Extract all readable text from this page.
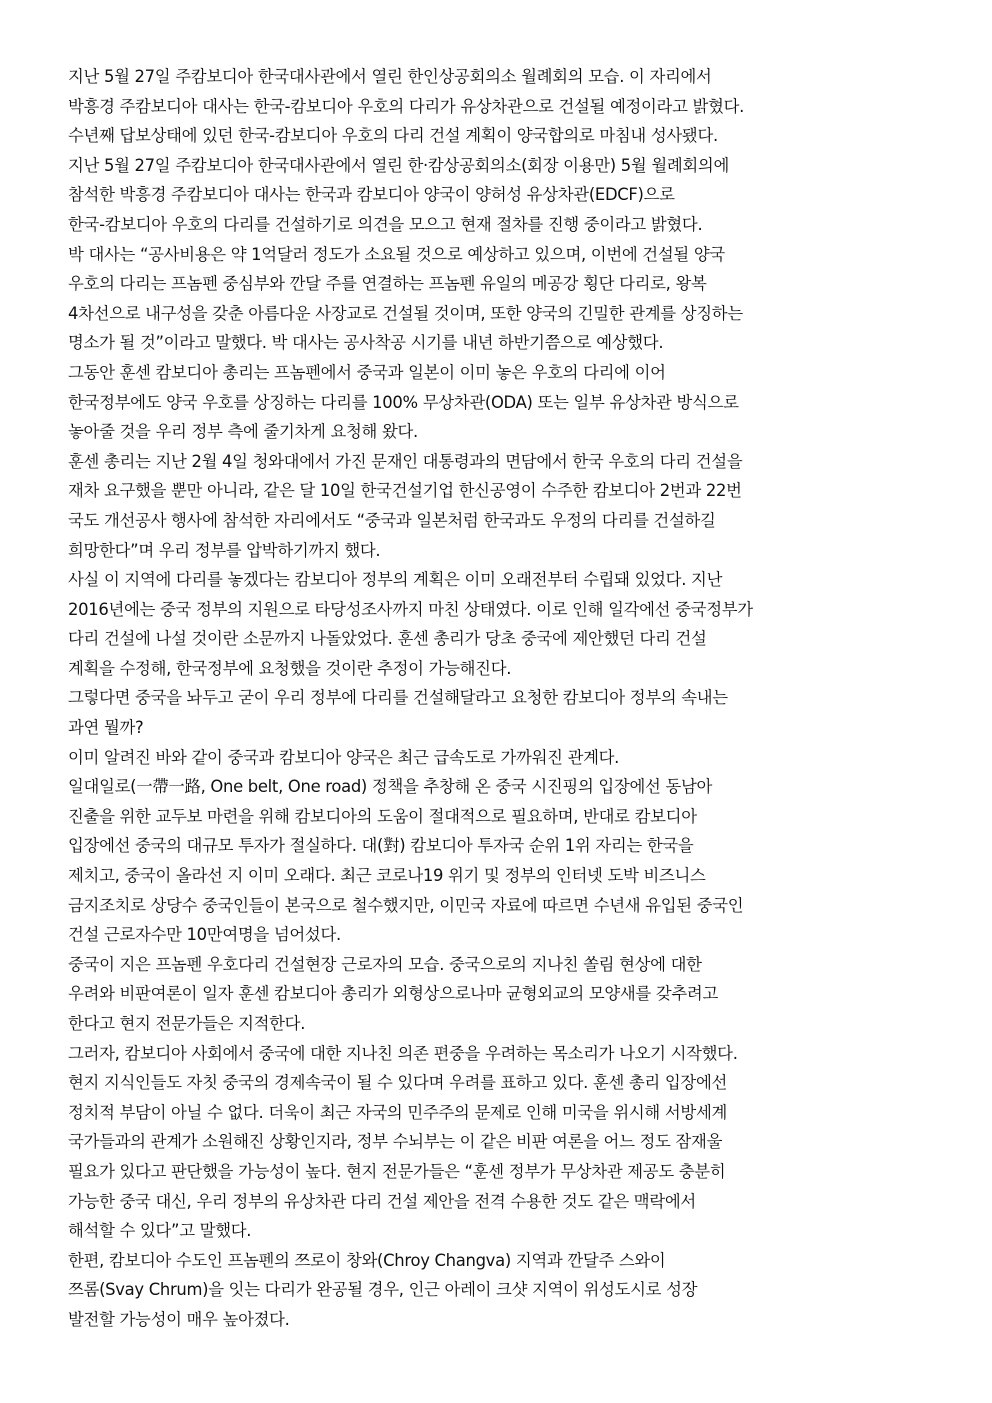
지난 5월 27일 주캄보디아 한국대사관에서 열린 한인상공회의소 월례회의 모습. 이 자리에서
박흥경 주캄보디아 대사는 한국-캄보디아 우호의 다리가 유상차관으로 건설될 예정이라고 밝혔다.
수년째 답보상태에 있던 한국-캄보디아 우호의 다리 건설 계획이 양국합의로 마침내 성사됐다.
지난 5월 27일 주캄보디아 한국대사관에서 열린 한·캄상공회의소(회장 이용만) 5월 월례회의에
참석한 박흥경 주캄보디아 대사는 한국과 캄보디아 양국이 양허성 유상차관(EDCF)으로
한국-캄보디아 우호의 다리를 건설하기로 의견을 모으고 현재 절차를 진행 중이라고 밝혔다.
박 대사는 “공사비용은 약 1억달러 정도가 소요될 것으로 예상하고 있으며, 이번에 건설될 양국
우호의 다리는 프놈펜 중심부와 깐달 주를 연결하는 프놈펜 유일의 메공강 횡단 다리로, 왕복
4차선으로 내구성을 갖춘 아름다운 사장교로 건설될 것이며, 또한 양국의 긴밀한 관계를 상징하는
명소가 될 것”이라고 말했다. 박 대사는 공사착공 시기를 내년 하반기쯤으로 예상했다.
그동안 훈센 캄보디아 총리는 프놈펜에서 중국과 일본이 이미 놓은 우호의 다리에 이어
한국정부에도 양국 우호를 상징하는 다리를 100% 무상차관(ODA) 또는 일부 유상차관 방식으로
놓아줄 것을 우리 정부 측에 줄기차게 요청해 왔다.
훈센 총리는 지난 2월 4일 청와대에서 가진 문재인 대통령과의 면담에서 한국 우호의 다리 건설을
재차 요구했을 뿐만 아니라, 같은 달 10일 한국건설기업 한신공영이 수주한 캄보디아 2번과 22번
국도 개선공사 행사에 참석한 자리에서도 “중국과 일본처럼 한국과도 우정의 다리를 건설하길
희망한다”며 우리 정부를 압박하기까지 했다.
사실 이 지역에 다리를 놓겠다는 캄보디아 정부의 계획은 이미 오래전부터 수립돼 있었다. 지난
2016년에는 중국 정부의 지원으로 타당성조사까지 마친 상태였다. 이로 인해 일각에선 중국정부가
다리 건설에 나설 것이란 소문까지 나돌았었다. 훈센 총리가 당초 중국에 제안했던 다리 건설
계획을 수정해, 한국정부에 요청했을 것이란 추정이 가능해진다.
그렇다면 중국을 놔두고 굳이 우리 정부에 다리를 건설해달라고 요청한 캄보디아 정부의 속내는
과연 뭘까?
이미 알려진 바와 같이 중국과 캄보디아 양국은 최근 급속도로 가까워진 관계다.
일대일로(一帶一路, One belt, One road) 정책을 추창해 온 중국 시진핑의 입장에선 동남아
진출을 위한 교두보 마련을 위해 캄보디아의 도움이 절대적으로 필요하며, 반대로 캄보디아
입장에선 중국의 대규모 투자가 절실하다. 대(對) 캄보디아 투자국 순위 1위 자리는 한국을
제치고, 중국이 올라선 지 이미 오래다. 최근 코로나19 위기 및 정부의 인터넷 도박 비즈니스
금지조치로 상당수 중국인들이 본국으로 철수했지만, 이민국 자료에 따르면 수년새 유입된 중국인
건설 근로자수만 10만여명을 넘어섰다.
중국이 지은 프놈펜 우호다리 건설현장 근로자의 모습. 중국으로의 지나친 쏠림 현상에 대한
우려와 비판여론이 일자 훈센 캄보디아 총리가 외형상으로나마 균형외교의 모양새를 갖추려고
한다고 현지 전문가들은 지적한다.
그러자, 캄보디아 사회에서 중국에 대한 지나친 의존 편중을 우려하는 목소리가 나오기 시작했다.
현지 지식인들도 자칫 중국의 경제속국이 될 수 있다며 우려를 표하고 있다. 훈센 총리 입장에선
정치적 부담이 아닐 수 없다. 더욱이 최근 자국의 민주주의 문제로 인해 미국을 위시해 서방세계
국가들과의 관계가 소원해진 상황인지라, 정부 수뇌부는 이 같은 비판 여론을 어느 정도 잠재울
필요가 있다고 판단했을 가능성이 높다. 현지 전문가들은 “훈센 정부가 무상차관 제공도 충분히
가능한 중국 대신, 우리 정부의 유상차관 다리 건설 제안을 전격 수용한 것도 같은 맥락에서
해석할 수 있다”고 말했다.
한편, 캄보디아 수도인 프놈펜의 쯔로이 창와(Chroy Changva) 지역과 깐달주 스와이
쯔롬(Svay Chrum)을 잇는 다리가 완공될 경우, 인근 아레이 크샷 지역이 위성도시로 성장
발전할 가능성이 매우 높아졌다.
